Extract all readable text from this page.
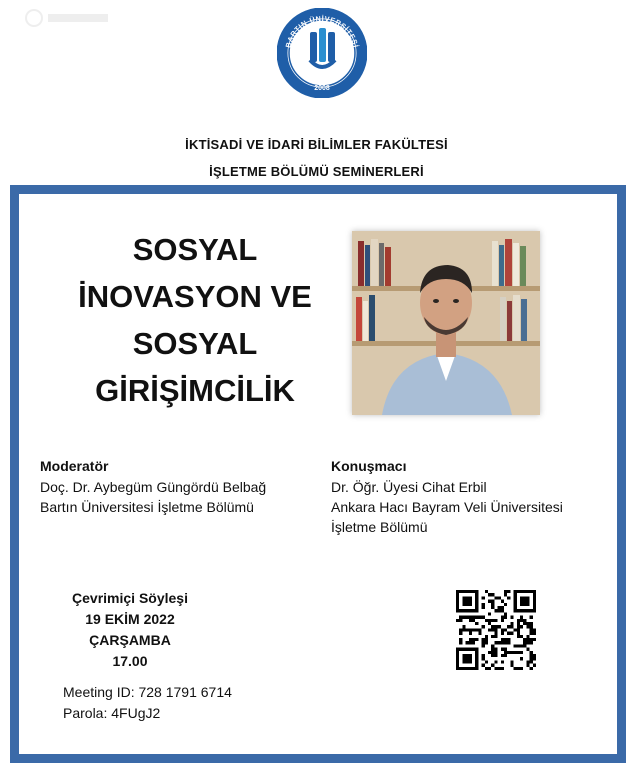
BARTIN ÜNİVERSİTESİ
2008
İKTİSADİ VE İDARİ BİLİMLER FAKÜLTESİ
İŞLETME BÖLÜMÜ SEMİNERLERİ
SOSYAL
İNOVASYON VE
SOSYAL
GİRİŞİMCİLİK
Moderatör
Doç. Dr. Aybegüm Güngördü Belbağ
Bartın Üniversitesi İşletme Bölümü
Konuşmacı
Dr. Öğr. Üyesi Cihat Erbil
Ankara Hacı Bayram Veli Üniversitesi
İşletme Bölümü
Çevrimiçi Söyleşi
19 EKİM 2022
ÇARŞAMBA
17.00
Meeting ID: 728 1791 6714
Parola: 4FUgJ2
